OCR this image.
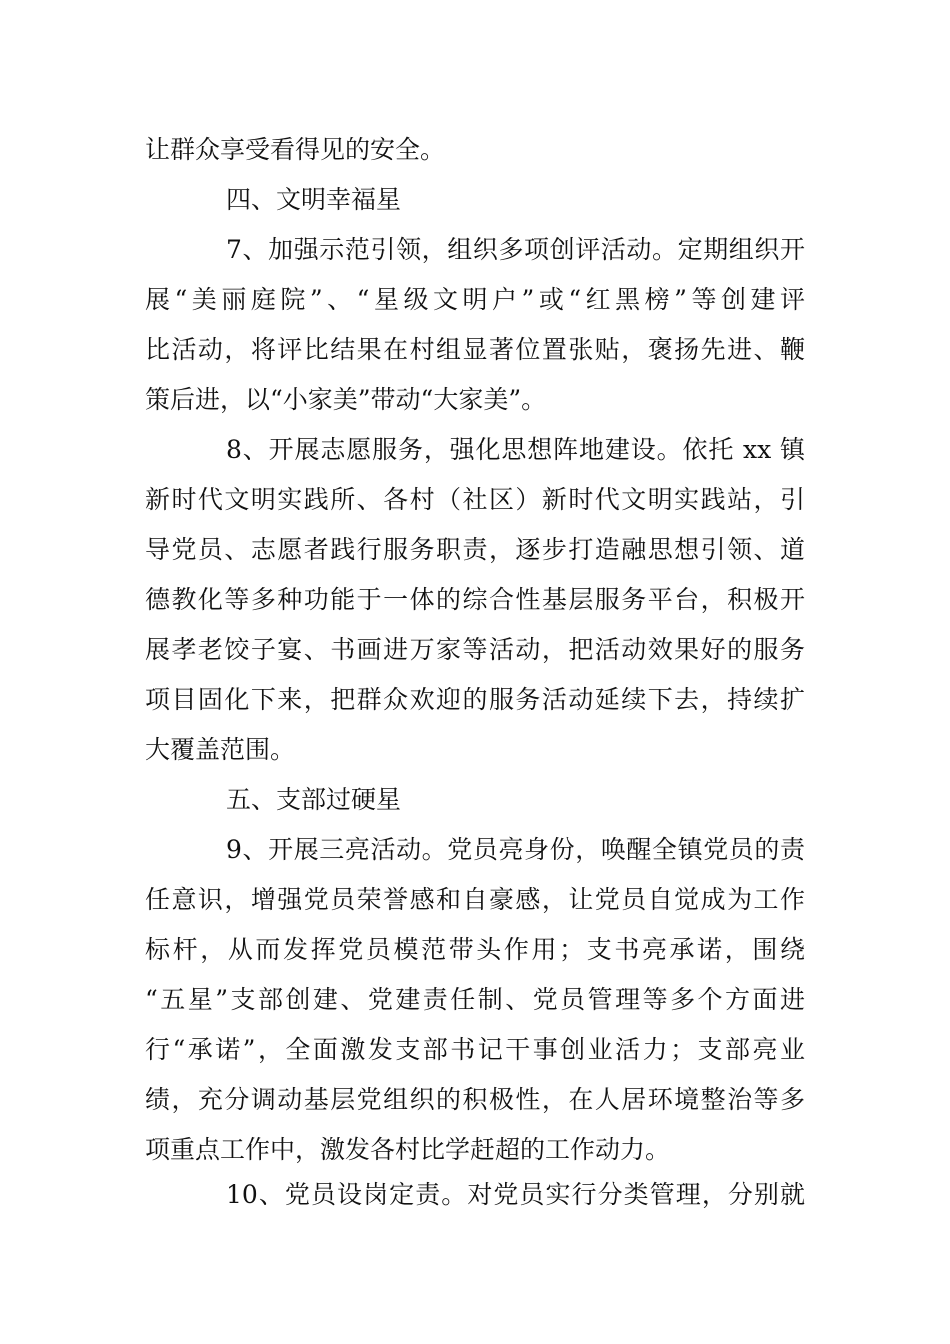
让群众享受看得见的安全。
四、文明幸福星
7、加强示范引领，组织多项创评活动。定期组织开
展“美丽庭院”、“星级文明户”或“红黑榜”等创建评
比活动，将评比结果在村组显著位置张贴，褒扬先进、鞭
策后进，以“小家美”带动“大家美”。
8、开展志愿服务，强化思想阵地建设。依托 xx 镇
新时代文明实践所、各村（社区）新时代文明实践站，引
导党员、志愿者践行服务职责，逐步打造融思想引领、道
德教化等多种功能于一体的综合性基层服务平台，积极开
展孝老饺子宴、书画进万家等活动，把活动效果好的服务
项目固化下来，把群众欢迎的服务活动延续下去，持续扩
大覆盖范围。
五、支部过硬星
9、开展三亮活动。党员亮身份，唤醒全镇党员的责
任意识，增强党员荣誉感和自豪感，让党员自觉成为工作
标杆，从而发挥党员模范带头作用；支书亮承诺，围绕
“五星”支部创建、党建责任制、党员管理等多个方面进
行“承诺”，全面激发支部书记干事创业活力；支部亮业
绩，充分调动基层党组织的积极性，在人居环境整治等多
项重点工作中，激发各村比学赶超的工作动力。
10、党员设岗定责。对党员实行分类管理，分别就
